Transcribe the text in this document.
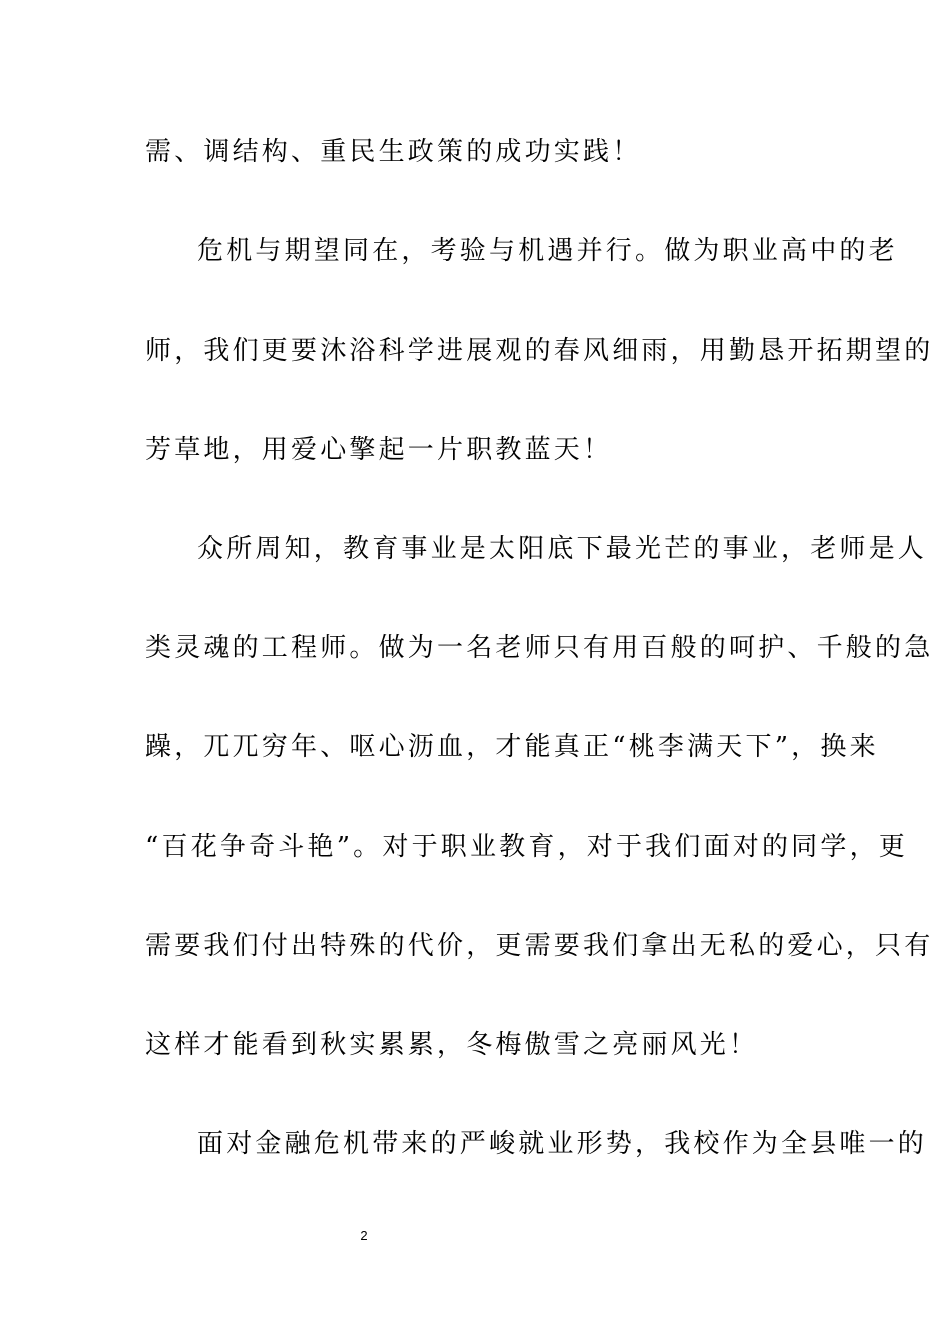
需、调结构、重民生政策的成功实践！
危机与期望同在，考验与机遇并行。做为职业高中的老
师，我们更要沐浴科学进展观的春风细雨，用勤恳开拓期望的
芳草地，用爱心擎起一片职教蓝天！
众所周知，教育事业是太阳底下最光芒的事业，老师是人
类灵魂的工程师。做为一名老师只有用百般的呵护、千般的急
躁，兀兀穷年、呕心沥血，才能真正“桃李满天下”，换来
“百花争奇斗艳”。对于职业教育，对于我们面对的同学，更
需要我们付出特殊的代价，更需要我们拿出无私的爱心，只有
这样才能看到秋实累累，冬梅傲雪之亮丽风光！
面对金融危机带来的严峻就业形势，我校作为全县唯一的
2
